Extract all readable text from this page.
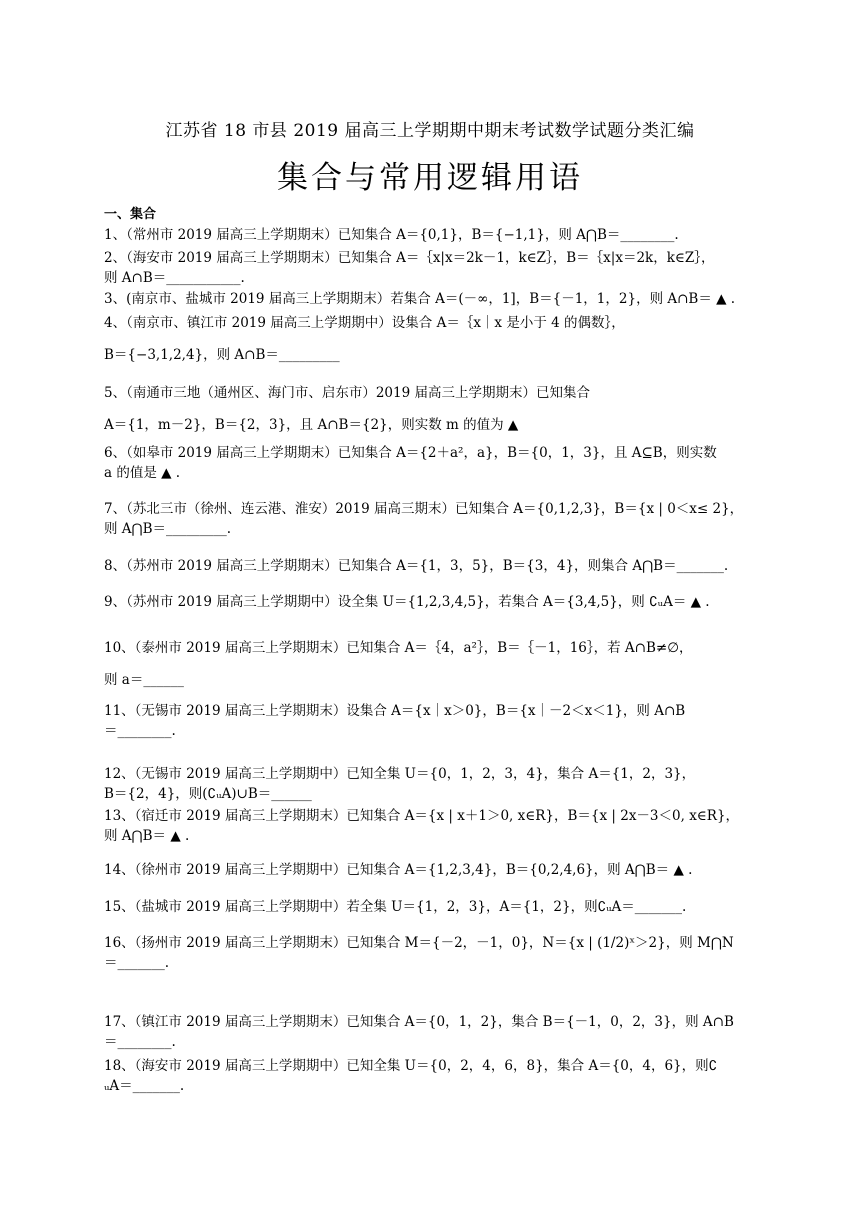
江苏省 18 市县 2019 届高三上学期期中期末考试数学试题分类汇编
集合与常用逻辑用语
一、集合
1、（常州市 2019 届高三上学期期末）已知集合 A＝{0,1}，B＝{−1,1}，则 A⋂B＝________.
2、（海安市 2019 届高三上学期期末）已知集合 A＝｛x|x＝2k－1，k∈Z｝，B＝｛x|x＝2k，k∈Z｝，
则 A∩B＝___________.
3、(南京市、盐城市 2019 届高三上学期期末）若集合 A＝(－∞，1]，B＝{－1，1，2}，则 A∩B＝ ▲ .
4、（南京市、镇江市 2019 届高三上学期期中）设集合 A＝｛x｜x 是小于 4 的偶数｝，
B＝{−3,1,2,4}，则 A∩B＝_________
5、（南通市三地（通州区、海门市、启东市）2019 届高三上学期期末）已知集合
A＝{1，m－2}，B＝{2，3}，且 A∩B＝{2}，则实数 m 的值为 ▲
6、（如皋市 2019 届高三上学期期末）已知集合 A＝{2＋a²，a}，B＝{0，1，3}，且 A⊆B，则实数
a 的值是 ▲ .
7、（苏北三市（徐州、连云港、淮安）2019 届高三期末）已知集合 A＝{0,1,2,3}，B＝{x | 0＜x≤ 2}，
则 A⋂B＝_________.
8、（苏州市 2019 届高三上学期期末）已知集合 A＝{1，3，5}，B＝{3，4}，则集合 A⋂B＝_______.
9、（苏州市 2019 届高三上学期期中）设全集 U＝{1,2,3,4,5}，若集合 A＝{3,4,5}，则 ∁ᵤA＝ ▲ .
10、（泰州市 2019 届高三上学期期末）已知集合 A＝｛4，a²｝，B＝｛－1，16｝，若 A∩B≠∅，
则 a＝______
11、（无锡市 2019 届高三上学期期末）设集合 A＝{x｜x＞0}，B＝{x｜－2＜x＜1}，则 A∩B
＝________.
12、（无锡市 2019 届高三上学期期中）已知全集 U＝{0，1，2，3，4}，集合 A＝{1，2，3}，
B＝{2，4}，则(∁ᵤA)∪B＝______
13、（宿迁市 2019 届高三上学期期末）已知集合 A＝{x | x＋1＞0, x∈R}，B＝{x | 2x－3＜0, x∈R}，
则 A⋂B＝ ▲ .
14、（徐州市 2019 届高三上学期期中）已知集合 A＝{1,2,3,4}，B＝{0,2,4,6}，则 A⋂B＝ ▲ .
15、（盐城市 2019 届高三上学期期中）若全集 U＝{1，2，3}，A＝{1，2}，则∁ᵤA＝_______.
16、（扬州市 2019 届高三上学期期末）已知集合 M＝{－2，－1，0}，N＝{x | (1/2)ˣ＞2}，则 M⋂N
＝_______.
17、（镇江市 2019 届高三上学期期末）已知集合 A＝{0，1，2}，集合 B＝{－1，0，2，3}，则 A∩B
＝________.
18、（海安市 2019 届高三上学期期中）已知全集 U＝{0，2，4，6，8}，集合 A＝{0，4，6}，则∁
ᵤA＝_______.
